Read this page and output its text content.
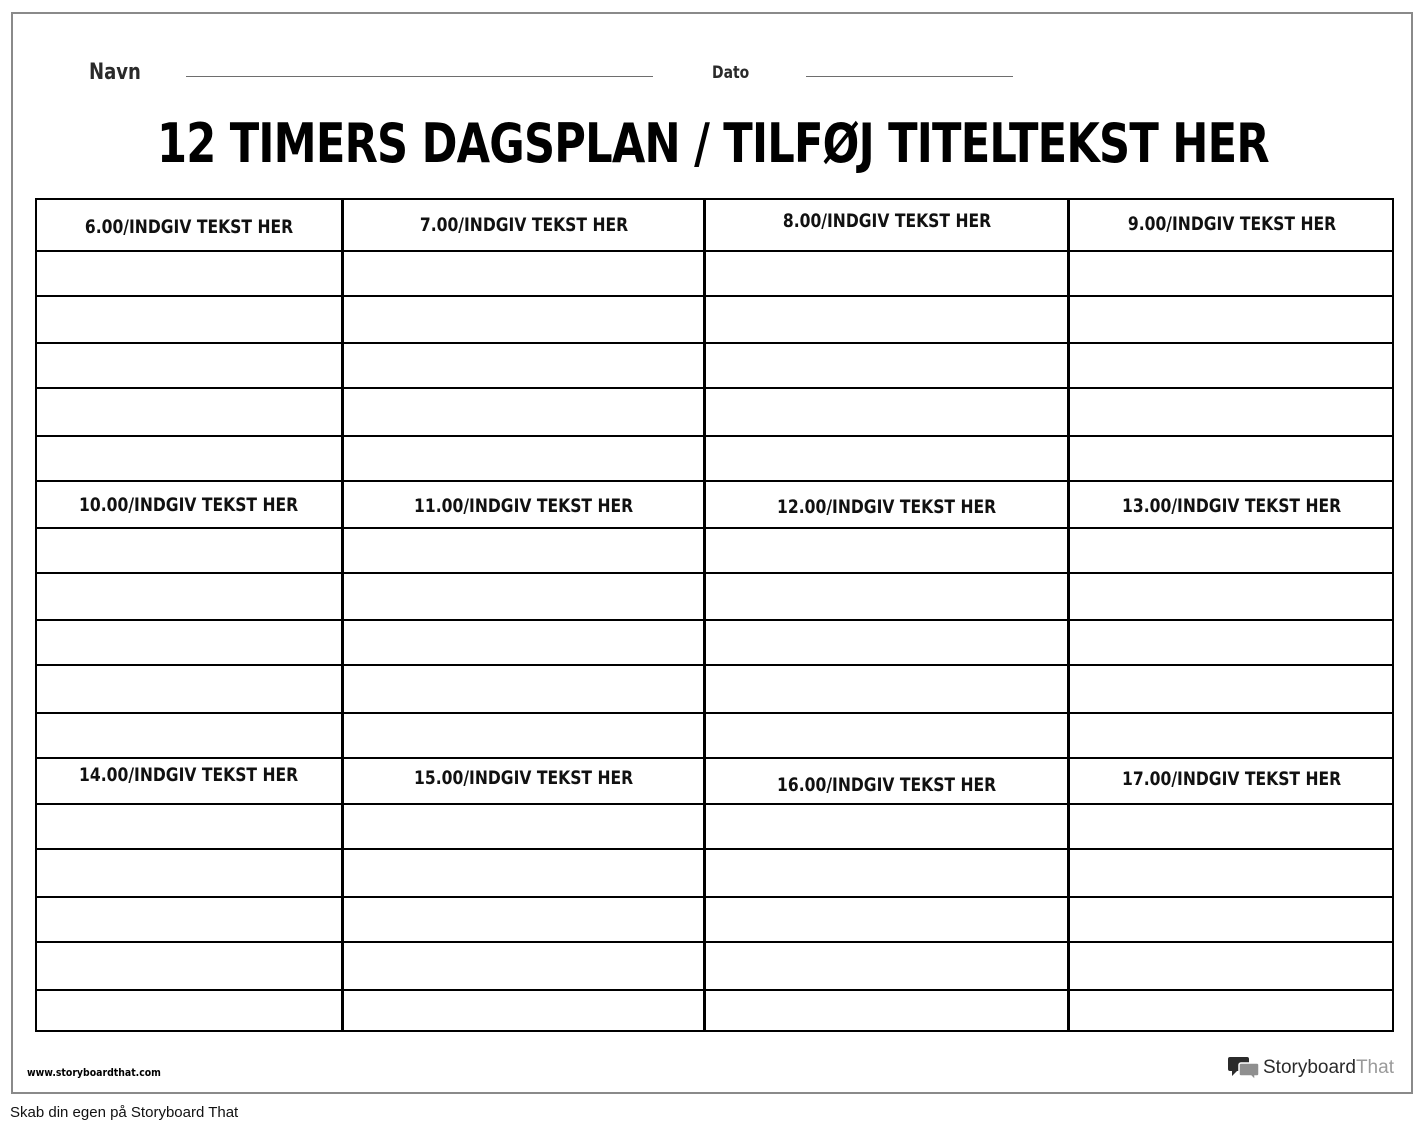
Navn	Dato
12 TIMERS DAGSPLAN / TILFØJ TITELTEKST HER
6.00/INDGIV TEKST HER	7.00/INDGIV TEKST HER	8.00/INDGIV TEKST HER	9.00/INDGIV TEKST HER
10.00/INDGIV TEKST HER	11.00/INDGIV TEKST HER	12.00/INDGIV TEKST HER	13.00/INDGIV TEKST HER
14.00/INDGIV TEKST HER	15.00/INDGIV TEKST HER	16.00/INDGIV TEKST HER	17.00/INDGIV TEKST HER
www.storyboardthat.com	StoryboardThat
Skab din egen på Storyboard That
